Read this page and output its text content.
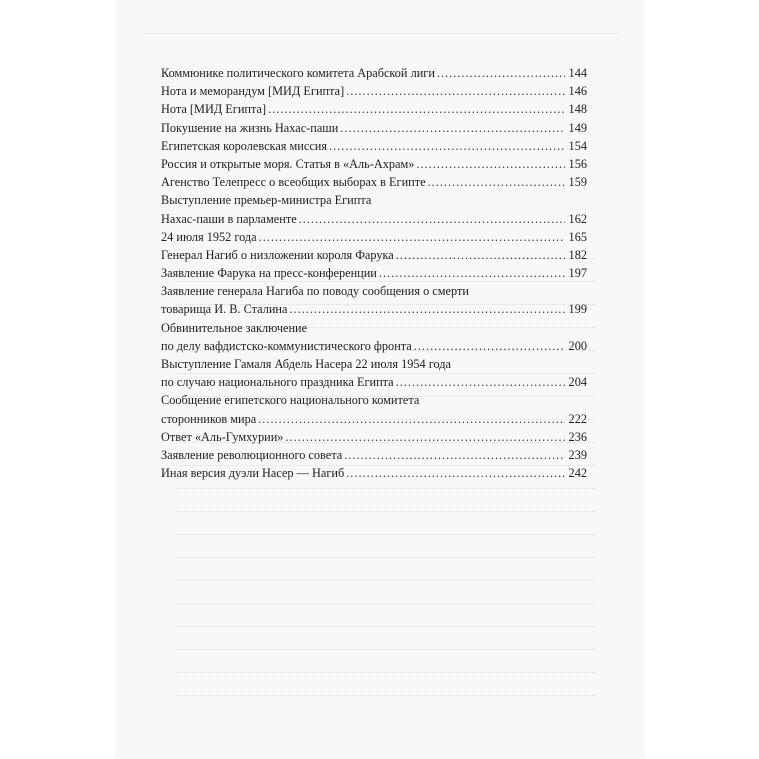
Коммюнике политического комитета Арабской лиги .....	144
Нота и меморандум [МИД Египта] .....	146
Нота [МИД Египта] .....	148
Покушение на жизнь Нахас-паши .....	149
Египетская королевская миссия .....	154
Россия и открытые моря. Статья в «Аль-Ахрам» .....	156
Агенство Телепресс о всеобщих выборах в Египте .....	159
Выступление премьер-министра Египта
Нахас-паши в парламенте .....	162
24 июля 1952 года .....	165
Генерал Нагиб о низложении короля Фарука .....	182
Заявление Фарука на пресс-конференции .....	197
Заявление генерала Нагиба по поводу сообщения о смерти
товарища И. В. Сталина .....	199
Обвинительное заключение
по делу вафдистско-коммунистического фронта .....	200
Выступление Гамаля Абдель Насера 22 июля 1954 года
по случаю национального праздника Египта .....	204
Сообщение египетского национального комитета
сторонников мира .....	222
Ответ «Аль-Гумхурии» .....	236
Заявление революционного совета .....	239
Иная версия дуэли Насер — Нагиб .....	242
